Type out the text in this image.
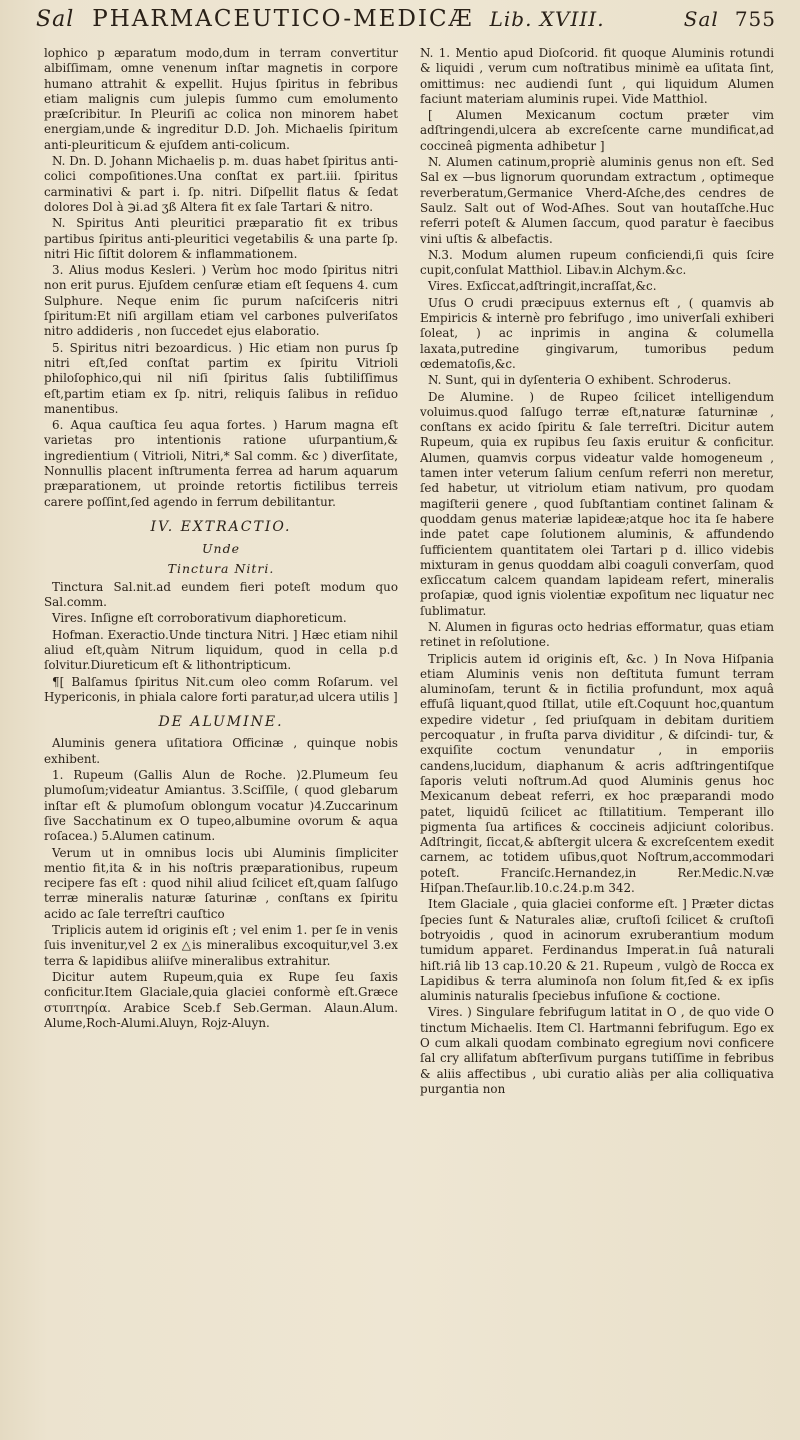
Sal PHARMACEUTICO-MEDICÆ Lib. XVIII.	Sal 755

lophico p æparatum modo,dum in terram convertitur albiſſimam, omne venenum inſtar magnetis in corpore humano attrahit & expellit. Hujus ſpiritus in febribus etiam malignis cum julepis ſummo cum emolumento præſcribitur. In Pleuriſi ac colica non minorem habet energiam,unde & ingreditur D.D. Joh. Michaelis ſpiritum anti-pleuriticum & ejuſdem anti-colicum.

N. Dn. D. Johann Michaelis p. m. duas habet ſpiritus anti-colici compoſitiones.Una conſtat ex part.iii. ſpiritus carminativi & part i. ſp. nitri. Diſpellit flatus & ſedat dolores Dol à ℈i.ad ʒß Altera fit ex ſale Tartari & nitro.

N. Spiritus Anti pleuritici præparatio fit ex tribus partibus ſpiritus anti-pleuritici vegetabilis & una parte ſp. nitri Hic ſiſtit dolorem & inflammationem.

3. Alius modus Kesleri. ) Verùm hoc modo ſpiritus nitri non erit purus. Ejuſdem cenſuræ etiam eſt ſequens 4. cum Sulphure. Neque enim ſic purum naſciſceris nitri ſpiritum:Et niſi argillam etiam vel carbones pulveriſatos nitro addideris , non ſuccedet ejus elaboratio.

5. Spiritus nitri bezoardicus. ) Hic etiam non purus ſp nitri eſt,ſed conſtat partim ex ſpiritu Vitrioli philoſophico,qui nil niſi ſpiritus ſalis ſubtiliſſimus eſt,partim etiam ex ſp. nitri, reliquis ſalibus in reſiduo manentibus.

6. Aqua cauſtica ſeu aqua fortes. ) Harum magna eſt varietas pro intentionis ratione uſurpantium,& ingredientium ( Vitrioli, Nitri,* Sal comm. &c ) diverſitate, Nonnullis placent inſtrumenta ferrea ad harum aquarum præparationem, ut proinde retortis fictilibus terreis carere poſſint,ſed agendo in ferrum debilitantur.

IV. EXTRACTIO.
Unde
Tinctura Nitri.

Tinctura Sal.nit.ad eundem fieri poteſt modum quo Sal.comm.

Vires. Inſigne eſt corroborativum diaphoreticum.

Hofman. Exeractio.Unde tinctura Nitri. ] Hæc etiam nihil aliud eſt,quàm Nitrum liquidum, quod in cella p.d ſolvitur.Diureticum eſt & lithontripticum.

¶[ Balſamus ſpiritus Nit.cum oleo comm Roſarum. vel Hypericonis, in phiala calore forti paratur,ad ulcera utilis ]

DE ALUMINE.

Aluminis genera uſitatiora Officinæ , quinque nobis exhibent.

1. Rupeum (Gallis Alun de Roche. )2.Plumeum ſeu plumoſum;videatur Amiantus. 3.Sciſſile, ( quod glebarum inſtar eſt & plumoſum oblongum vocatur )4.Zuccarinum ſive Sacchatinum ex O tupeo,albumine ovorum & aqua roſacea.) 5.Alumen catinum.

Verum ut in omnibus locis ubi Aluminis ſimpliciter mentio fit,ita & in his noſtris præparationibus, rupeum recipere fas eſt : quod nihil aliud ſcilicet eſt,quam ſalſugo terræ mineralis naturæ ſaturinæ , conſtans ex ſpiritu acido ac ſale terreſtri cauſtico

Triplicis autem id originis eſt ; vel enim 1. per ſe in venis ſuis invenitur,vel 2 ex △is mineralibus excoquitur,vel 3.ex terra & lapidibus aliiſve mineralibus extrahitur.

Dicitur autem Rupeum,quia ex Rupe ſeu ſaxis conficitur.Item Glaciale,quia glaciei conformè eſt.Græce στυπτηρία. Arabice Sceb.f Seb.German. Alaun.Alum. Alume,Roch-Alumi.Aluyn, Rojz-Aluyn.

N. 1. Mentio apud Dioſcorid. fit quoque Aluminis rotundi & liquidi , verum cum noſtratibus minimè ea uſitata ſint, omittimus: nec audiendi ſunt , qui liquidum Alumen faciunt materiam aluminis rupei. Vide Matthiol.

[ Alumen Mexicanum coctum præter vim adſtringendi,ulcera ab excreſcente carne mundificat,ad coccineâ pigmenta adhibetur ]

N. Alumen catinum,propriè aluminis genus non eſt. Sed Sal ex —bus lignorum quorundam extractum , optimeque reverberatum,Germanice Vherd-Aſche,des cendres de Saulz. Salt out of Wod-Aſhes. Sout van houtaſſche.Huc referri poteſt & Alumen ſaccum, quod paratur è faecibus vini uſtis & albefactis.

N.3. Modum alumen rupeum conficiendi,ſi quis ſcire cupit,conſulat Matthiol. Libav.in Alchym.&c.

Vires. Exſiccat,adſtringit,incraſſat,&c.

Uſus O crudi præcipuus externus eſt , ( quamvis ab Empiricis & internè pro febrifugo , imo univerſali exhiberi ſoleat, ) ac inprimis in angina & columella laxata,putredine gingivarum, tumoribus pedum œdematoſis,&c.

N. Sunt, qui in dyſenteria O exhibent. Schroderus.

De Alumine. ) de Rupeo ſcilicet intelligendum voluimus.quod ſalſugo terræ eſt,naturæ ſaturninæ , conſtans ex acido ſpiritu & ſale terreſtri. Dicitur autem Rupeum, quia ex rupibus ſeu ſaxis eruitur & conficitur. Alumen, quamvis corpus videatur valde homogeneum , tamen inter veterum ſalium cenſum referri non meretur, ſed habetur, ut vitriolum etiam nativum, pro quodam magiſterii genere , quod ſubſtantiam continet ſalinam & quoddam genus materiæ lapideæ;atque hoc ita ſe habere inde patet cape ſolutionem aluminis, & affundendo ſufficientem quantitatem olei Tartari p d. illico videbis mixturam in genus quoddam albi coaguli converſam, quod exſiccatum calcem quandam lapideam refert, mineralis proſapiæ, quod ignis violentiæ expoſitum nec liquatur nec ſublimatur.

N. Alumen in figuras octo hedrias efformatur, quas etiam retinet in reſolutione.

Triplicis autem id originis eſt, &c. ) In Nova Hiſpania etiam Aluminis venis non deſtituta fumunt terram aluminoſam, terunt & in fictilia profundunt, mox aquâ effuſâ liquant,quod ſtillat, utile eſt.Coquunt hoc,quantum expedire videtur , ſed priuſquam in debitam duritiem percoquatur , in fruſta parva dividitur , & diſcindi- tur, & exquiſite coctum venundatur , in emporiis candens,lucidum, diaphanum & acris adſtringentiſque ſaporis veluti noſtrum.Ad quod Aluminis genus hoc Mexicanum debeat referri, ex hoc præparandi modo patet, liquidū ſcilicet ac ſtillatitium. Temperant illo pigmenta ſua artifices & coccineis adjiciunt coloribus. Adſtringit, ſiccat,& abſtergit ulcera & excreſcentem exedit carnem, ac totidem uſibus,quot Noſtrum,accommodari poteſt. Franciſc.Hernandez,in Rer.Medic.N.væ Hiſpan.Theſaur.lib.10.c.24.p.m 342.

Item Glaciale , quia glaciei conforme eſt. ] Præter dictas ſpecies ſunt & Naturales aliæ, cruſtoſi ſcilicet & cruſtoſi botryoidis , quod in acinorum exruberantium modum tumidum apparet. Ferdinandus Imperat.in ſuâ naturali hiſt.riâ lib 13 cap.10.20 & 21. Rupeum , vulgò de Rocca ex Lapidibus & terra aluminoſa non ſolum fit,ſed & ex ipſis aluminis naturalis ſpeciebus infuſione & coctione.

Vires. ) Singulare febrifugum latitat in O , de quo vide O tinctum Michaelis. Item Cl. Hartmanni febrifugum. Ego ex O cum alkali quodam combinato egregium novi conficere ſal cry allifatum abſterſivum purgans tutiſſime in febribus & aliis affectibus , ubi curatio aliàs per alia colliquativa purgantia non
